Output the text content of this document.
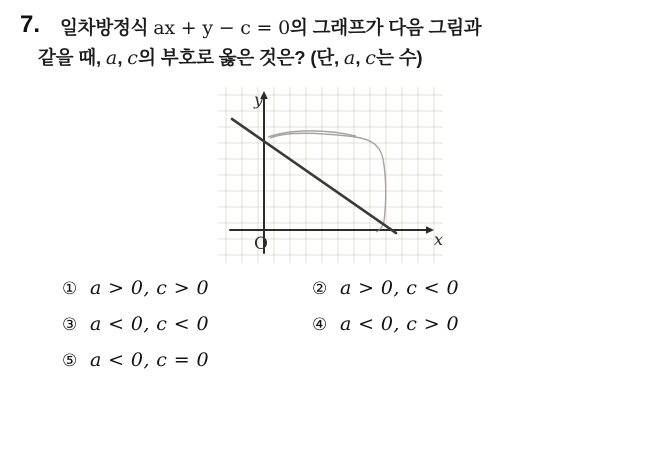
7.	일차방정식 ax + y − c = 0의 그래프가 다음 그림과
같을 때, a, c의 부호로 옳은 것은? (단, a, c는 수)
O
y
x
① a > 0, c > 0	② a > 0, c < 0
③ a < 0, c < 0	④ a < 0, c > 0
⑤ a < 0, c = 0
